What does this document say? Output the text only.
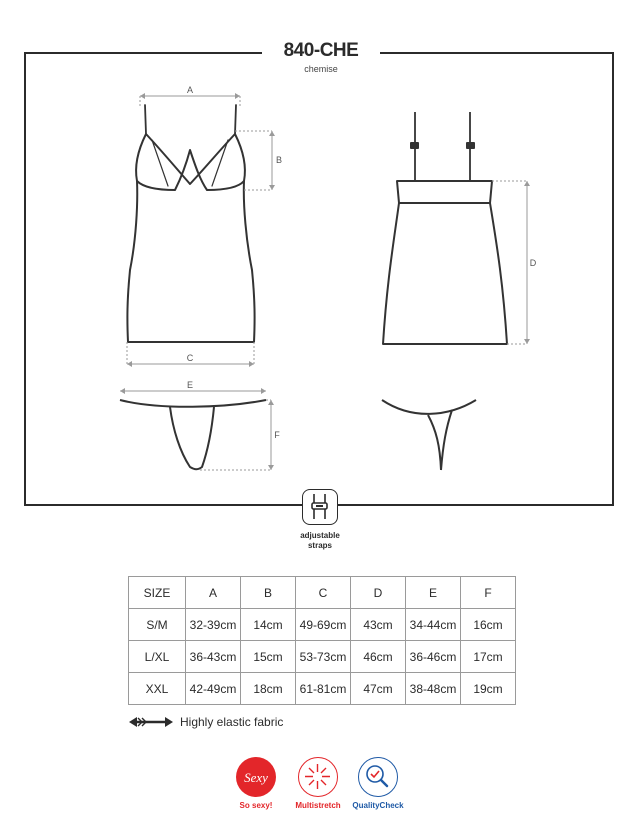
840-CHE
chemise
A
B
C
D
E
F
adjustable
straps
SIZE	A	B	C	D	E	F
S/M	32-39cm	14cm	49-69cm	43cm	34-44cm	16cm
L/XL	36-43cm	15cm	53-73cm	46cm	36-46cm	17cm
XXL	42-49cm	18cm	61-81cm	47cm	38-48cm	19cm
Highly elastic fabric
Sexy
So sexy!	Multistretch	QualityCheck
